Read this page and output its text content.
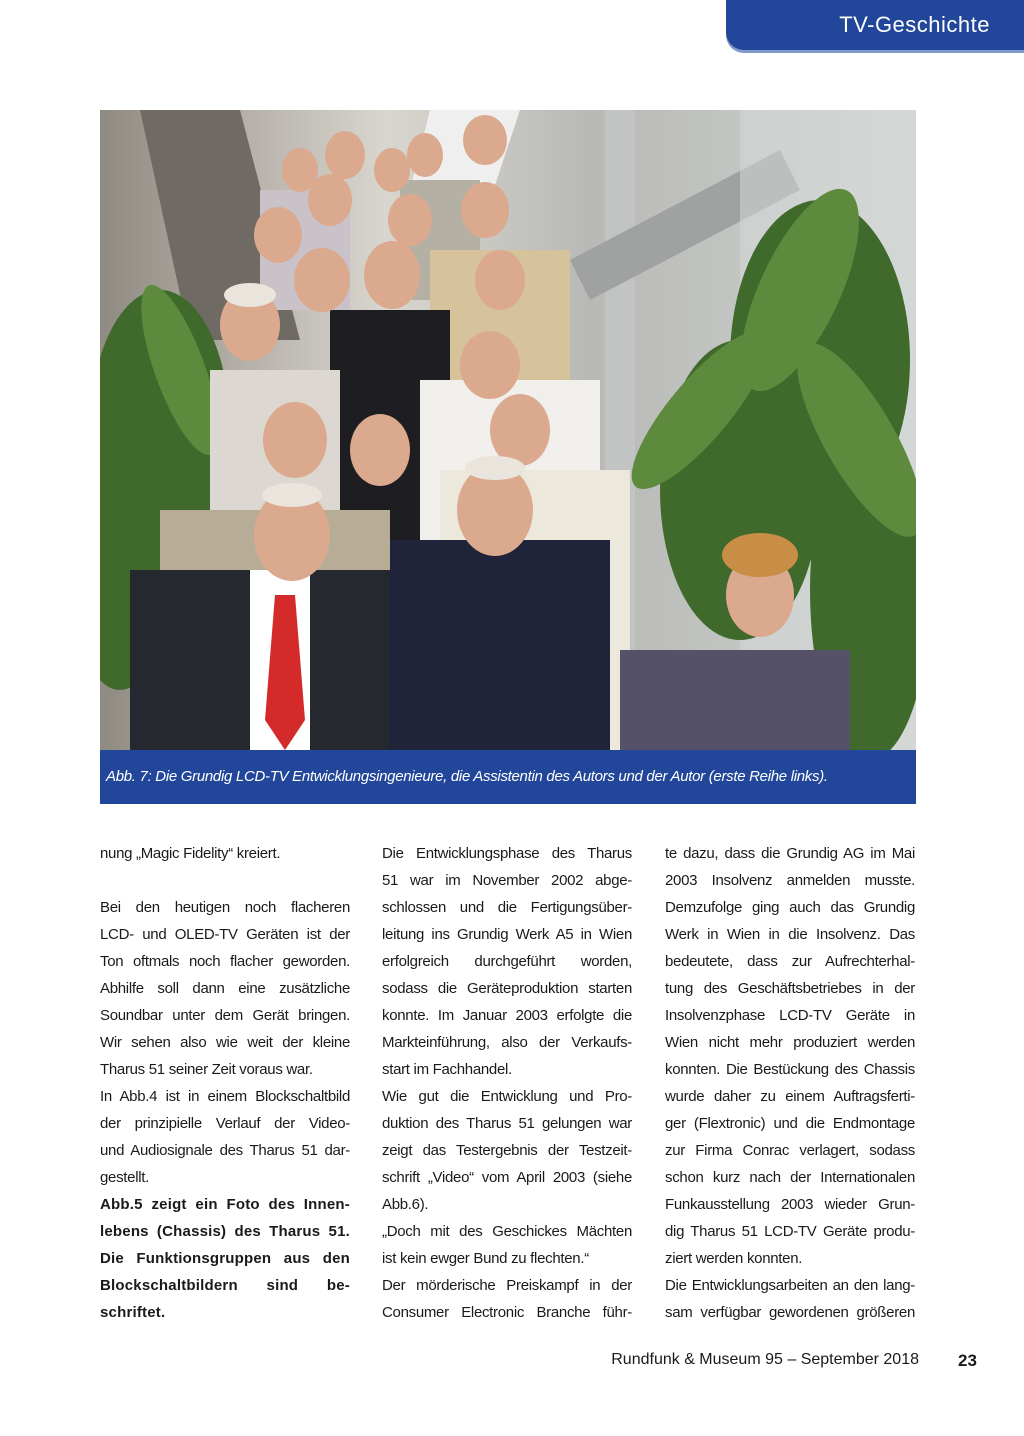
TV-Geschichte
Abb. 7: Die Grundig LCD-TV Entwicklungsingenieure, die Assistentin des Autors und der Autor (erste Reihe links).

nung „Magic Fidelity“ kreiert.

Bei den heutigen noch flacheren

LCD- und OLED-TV Geräten ist der

Ton oftmals noch flacher geworden.

Abhilfe soll dann eine zusätzliche

Soundbar unter dem Gerät bringen.

Wir sehen also wie weit der kleine

Tharus 51 seiner Zeit voraus war.

In Abb.4 ist in einem Blockschaltbild

der prinzipielle Verlauf der Video-

und Audiosignale des Tharus 51 dar-

gestellt.

Abb.5 zeigt ein Foto des Innen-

lebens (Chassis) des Tharus 51.

Die Funktionsgruppen aus den

Blockschaltbildern sind be-

schriftet.

Die Entwicklungsphase des Tharus

51 war im November 2002 abge-

schlossen und die Fertigungsüber-

leitung ins Grundig Werk A5 in Wien

erfolgreich durchgeführt worden,

sodass die Geräteproduktion starten

konnte. Im Januar 2003 erfolgte die

Markteinführung, also der Verkaufs-

start im Fachhandel.

Wie gut die Entwicklung und Pro-

duktion des Tharus 51 gelungen war

zeigt das Testergebnis der Testzeit-

schrift „Video“ vom April 2003 (siehe

Abb.6).

„Doch mit des Geschickes Mächten

ist kein ewger Bund zu flechten.“

Der mörderische Preiskampf in der

Consumer Electronic Branche führ-

te dazu, dass die Grundig AG im Mai

2003 Insolvenz anmelden musste.

Demzufolge ging auch das Grundig

Werk in Wien in die Insolvenz. Das

bedeutete, dass zur Aufrechterhal-

tung des Geschäftsbetriebes in der

Insolvenzphase LCD-TV Geräte in

Wien nicht mehr produziert werden

konnten. Die Bestückung des Chassis

wurde daher zu einem Auftragsferti-

ger (Flextronic) und die Endmontage

zur Firma Conrac verlagert, sodass

schon kurz nach der Internationalen

Funkausstellung 2003 wieder Grun-

dig Tharus 51 LCD-TV Geräte produ-

ziert werden konnten.

Die Entwicklungsarbeiten an den lang-

sam verfügbar gewordenen größeren

Rundfunk & Museum 95 – September 2018 23
